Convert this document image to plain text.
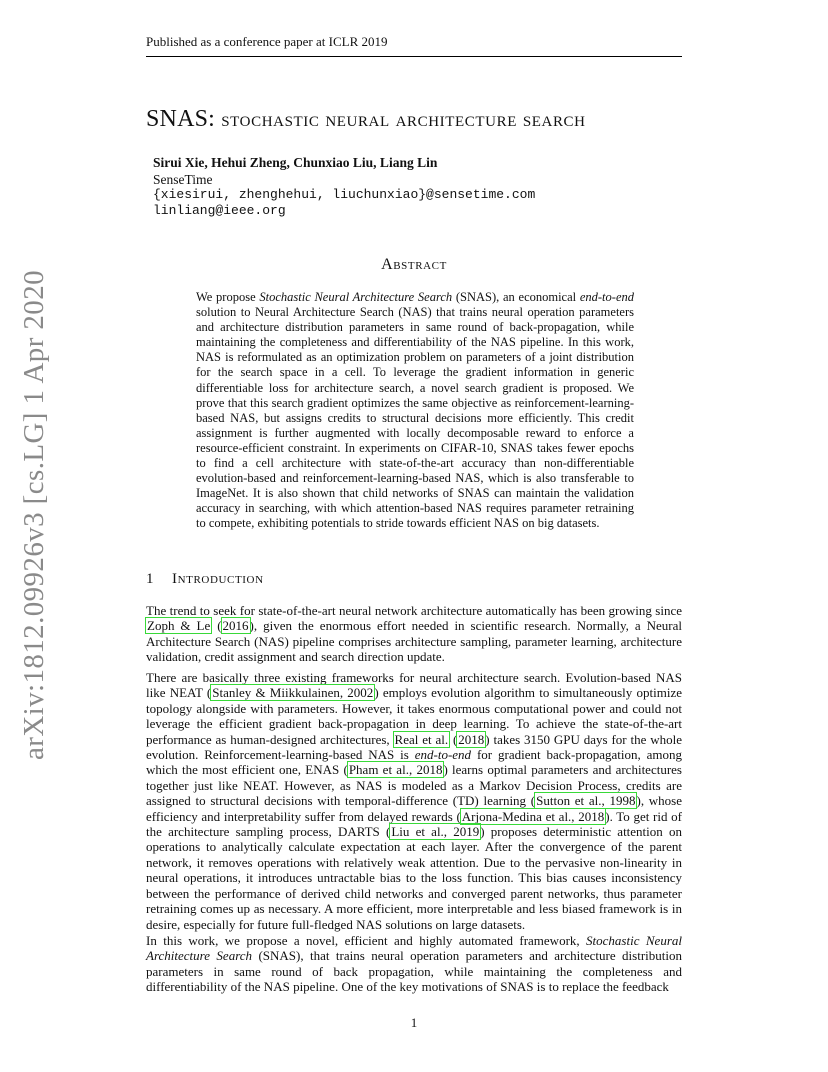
arXiv:1812.09926v3 [cs.LG] 1 Apr 2020
Published as a conference paper at ICLR 2019
SNAS: stochastic neural architecture search
Sirui Xie, Hehui Zheng, Chunxiao Liu, Liang Lin
SenseTime
{xiesirui, zhenghehui, liuchunxiao}@sensetime.com
linliang@ieee.org
Abstract
We propose Stochastic Neural Architecture Search (SNAS), an economical end-to-end solution to Neural Architecture Search (NAS) that trains neural operation parameters and architecture distribution parameters in same round of back-propagation, while maintaining the completeness and differentiability of the NAS pipeline. In this work, NAS is reformulated as an optimization problem on parameters of a joint distribution for the search space in a cell. To leverage the gradient information in generic differentiable loss for architecture search, a novel search gradient is proposed. We prove that this search gradient optimizes the same objective as reinforcement-learning-based NAS, but assigns credits to structural decisions more efficiently. This credit assignment is further augmented with locally decomposable reward to enforce a resource-efficient constraint. In experiments on CIFAR-10, SNAS takes fewer epochs to find a cell architecture with state-of-the-art accuracy than non-differentiable evolution-based and reinforcement-learning-based NAS, which is also transferable to ImageNet. It is also shown that child networks of SNAS can maintain the validation accuracy in searching, with which attention-based NAS requires parameter retraining to compete, exhibiting potentials to stride towards efficient NAS on big datasets.
1 Introduction
The trend to seek for state-of-the-art neural network architecture automatically has been growing since Zoph & Le (2016), given the enormous effort needed in scientific research. Normally, a Neural Architecture Search (NAS) pipeline comprises architecture sampling, parameter learning, architecture validation, credit assignment and search direction update.
There are basically three existing frameworks for neural architecture search. Evolution-based NAS like NEAT (Stanley & Miikkulainen, 2002) employs evolution algorithm to simultaneously optimize topology alongside with parameters. However, it takes enormous computational power and could not leverage the efficient gradient back-propagation in deep learning. To achieve the state-of-the-art performance as human-designed architectures, Real et al. (2018) takes 3150 GPU days for the whole evolution. Reinforcement-learning-based NAS is end-to-end for gradient back-propagation, among which the most efficient one, ENAS (Pham et al., 2018) learns optimal parameters and architectures together just like NEAT. However, as NAS is modeled as a Markov Decision Process, credits are assigned to structural decisions with temporal-difference (TD) learning (Sutton et al., 1998), whose efficiency and interpretability suffer from delayed rewards (Arjona-Medina et al., 2018). To get rid of the architecture sampling process, DARTS (Liu et al., 2019) proposes deterministic attention on operations to analytically calculate expectation at each layer. After the convergence of the parent network, it removes operations with relatively weak attention. Due to the pervasive non-linearity in neural operations, it introduces untractable bias to the loss function. This bias causes inconsistency between the performance of derived child networks and converged parent networks, thus parameter retraining comes up as necessary. A more efficient, more interpretable and less biased framework is in desire, especially for future full-fledged NAS solutions on large datasets.
In this work, we propose a novel, efficient and highly automated framework, Stochastic Neural Architecture Search (SNAS), that trains neural operation parameters and architecture distribution parameters in same round of back propagation, while maintaining the completeness and differentiability of the NAS pipeline. One of the key motivations of SNAS is to replace the feedback
1
